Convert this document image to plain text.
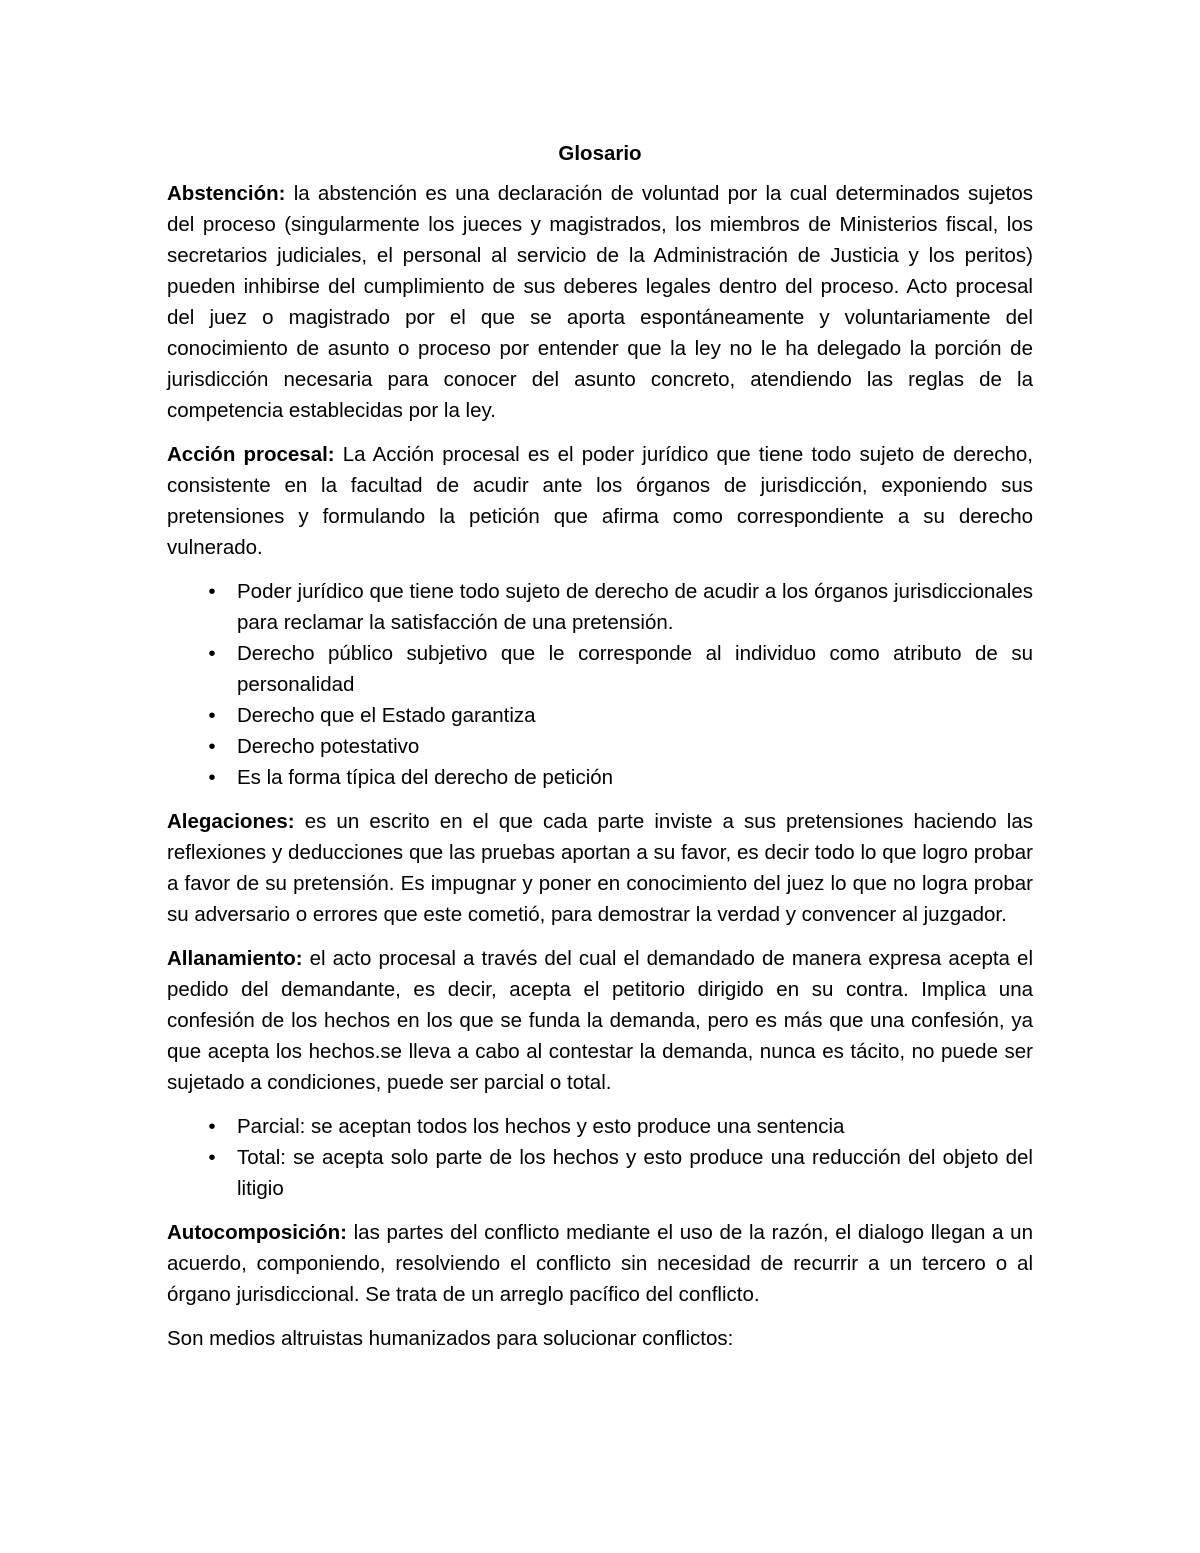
Glosario

Abstención: la abstención es una declaración de voluntad por la cual determinados sujetos del proceso (singularmente los jueces y magistrados, los miembros de Ministerios fiscal, los secretarios judiciales, el personal al servicio de la Administración de Justicia y los peritos) pueden inhibirse del cumplimiento de sus deberes legales dentro del proceso. Acto procesal del juez o magistrado por el que se aporta espontáneamente y voluntariamente del conocimiento de asunto o proceso por entender que la ley no le ha delegado la porción de jurisdicción necesaria para conocer del asunto concreto, atendiendo las reglas de la competencia establecidas por la ley.

Acción procesal: La Acción procesal es el poder jurídico que tiene todo sujeto de derecho, consistente en la facultad de acudir ante los órganos de jurisdicción, exponiendo sus pretensiones y formulando la petición que afirma como correspondiente a su derecho vulnerado.

•	Poder jurídico que tiene todo sujeto de derecho de acudir a los órganos jurisdiccionales para reclamar la satisfacción de una pretensión.
•	Derecho público subjetivo que le corresponde al individuo como atributo de su personalidad
•	Derecho que el Estado garantiza
•	Derecho potestativo
•	Es la forma típica del derecho de petición

Alegaciones: es un escrito en el que cada parte inviste a sus pretensiones haciendo las reflexiones y deducciones que las pruebas aportan a su favor, es decir todo lo que logro probar a favor de su pretensión. Es impugnar y poner en conocimiento del juez lo que no logra probar su adversario o errores que este cometió, para demostrar la verdad y convencer al juzgador.

Allanamiento: el acto procesal a través del cual el demandado de manera expresa acepta el pedido del demandante, es decir, acepta el petitorio dirigido en su contra. Implica una confesión de los hechos en los que se funda la demanda, pero es más que una confesión, ya que acepta los hechos.se lleva a cabo al contestar la demanda, nunca es tácito, no puede ser sujetado a condiciones, puede ser parcial o total.

•	Parcial: se aceptan todos los hechos y esto produce una sentencia
•	Total: se acepta solo parte de los hechos y esto produce una reducción del objeto del litigio

Autocomposición: las partes del conflicto mediante el uso de la razón, el dialogo llegan a un acuerdo, componiendo, resolviendo el conflicto sin necesidad de recurrir a un tercero o al órgano jurisdiccional. Se trata de un arreglo pacífico del conflicto.

Son medios altruistas humanizados para solucionar conflictos:
